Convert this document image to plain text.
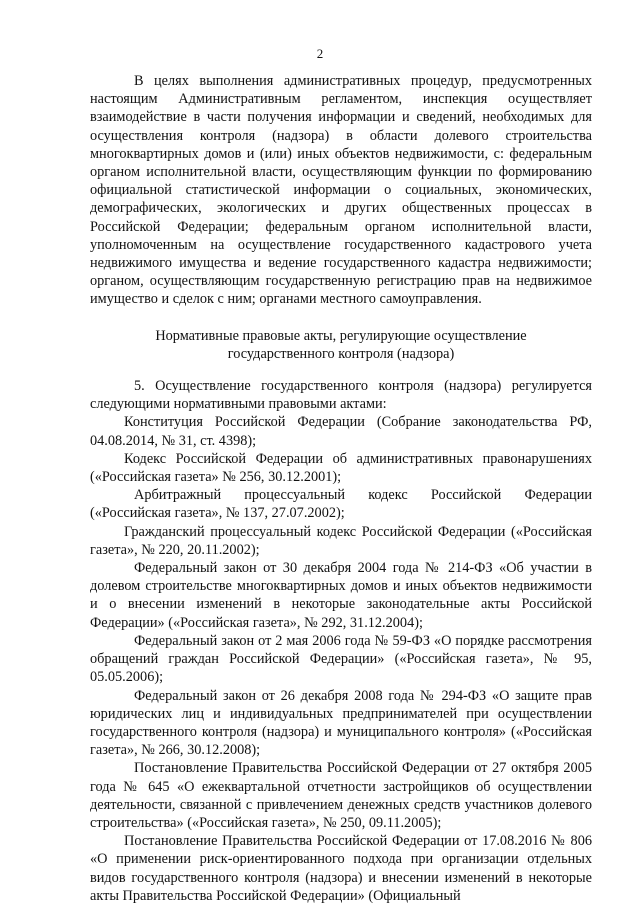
2

В целях выполнения административных процедур, предусмотренных настоящим Административным регламентом, инспекция осуществляет взаимодействие в части получения информации и сведений, необходимых для осуществления контроля (надзора) в области долевого строительства многоквартирных домов и (или) иных объектов недвижимости, с: федеральным органом исполнительной власти, осуществляющим функции по формированию официальной статистической информации о социальных, экономических, демографических, экологических и других общественных процессах в Российской Федерации; федеральным органом исполнительной власти, уполномоченным на осуществление государственного кадастрового учета недвижимого имущества и ведение государственного кадастра недвижимости; органом, осуществляющим государственную регистрацию прав на недвижимое имущество и сделок с ним; органами местного самоуправления.

Нормативные правовые акты, регулирующие осуществление
государственного контроля (надзора)

5. Осуществление государственного контроля (надзора) регулируется следующими нормативными правовыми актами:

Конституция Российской Федерации (Собрание законодательства РФ, 04.08.2014, № 31, ст. 4398);

Кодекс Российской Федерации об административных правонарушениях («Российская газета» № 256, 30.12.2001);

Арбитражный процессуальный кодекс Российской Федерации («Российская газета», № 137, 27.07.2002);

Гражданский процессуальный кодекс Российской Федерации («Российская газета», № 220, 20.11.2002);

Федеральный закон от 30 декабря 2004 года № 214-ФЗ «Об участии в долевом строительстве многоквартирных домов и иных объектов недвижимости и о внесении изменений в некоторые законодательные акты Российской Федерации» («Российская газета», № 292, 31.12.2004);

Федеральный закон от 2 мая 2006 года № 59-ФЗ «О порядке рассмотрения обращений граждан Российской Федерации» («Российская газета», № 95, 05.05.2006);

Федеральный закон от 26 декабря 2008 года № 294-ФЗ «О защите прав юридических лиц и индивидуальных предпринимателей при осуществлении государственного контроля (надзора) и муниципального контроля» («Российская газета», № 266, 30.12.2008);

Постановление Правительства Российской Федерации от 27 октября 2005 года № 645 «О ежеквартальной отчетности застройщиков об осуществлении деятельности, связанной с привлечением денежных средств участников долевого строительства» («Российская газета», № 250, 09.11.2005);

Постановление Правительства Российской Федерации от 17.08.2016 № 806 «О применении риск-ориентированного подхода при организации отдельных видов государственного контроля (надзора) и внесении изменений в некоторые акты Правительства Российской Федерации» (Официальный
